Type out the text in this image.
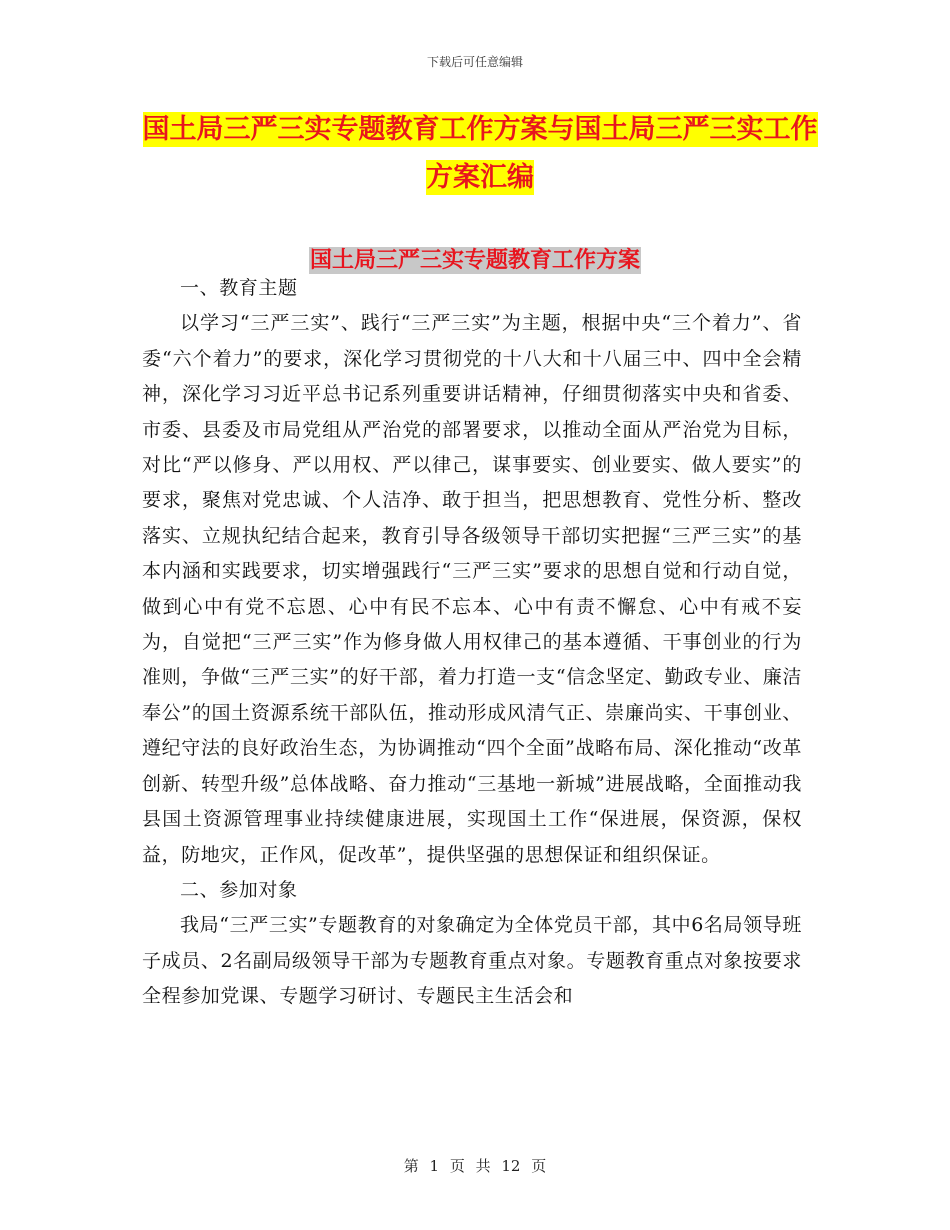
下载后可任意编辑
国土局三严三实专题教育工作方案与国土局三严三实工作方案汇编
国土局三严三实专题教育工作方案

一、教育主题

以学习“三严三实”、践行“三严三实”为主题，根据中央“三个着力”、省委“六个着力”的要求，深化学习贯彻党的十八大和十八届三中、四中全会精神，深化学习习近平总书记系列重要讲话精神，仔细贯彻落实中央和省委、市委、县委及市局党组从严治党的部署要求，以推动全面从严治党为目标，对比“严以修身、严以用权、严以律己，谋事要实、创业要实、做人要实”的要求，聚焦对党忠诚、个人洁净、敢于担当，把思想教育、党性分析、整改落实、立规执纪结合起来，教育引导各级领导干部切实把握“三严三实”的基本内涵和实践要求，切实增强践行“三严三实”要求的思想自觉和行动自觉，做到心中有党不忘恩、心中有民不忘本、心中有责不懈怠、心中有戒不妄为，自觉把“三严三实”作为修身做人用权律己的基本遵循、干事创业的行为准则，争做“三严三实”的好干部，着力打造一支“信念坚定、勤政专业、廉洁奉公”的国土资源系统干部队伍，推动形成风清气正、崇廉尚实、干事创业、遵纪守法的良好政治生态，为协调推动“四个全面”战略布局、深化推动“改革创新、转型升级”总体战略、奋力推动“三基地一新城”进展战略，全面推动我县国土资源管理事业持续健康进展，实现国土工作“保进展，保资源，保权益，防地灾，正作风，促改革”，提供坚强的思想保证和组织保证。

二、参加对象

我局“三严三实”专题教育的对象确定为全体党员干部，其中6名局领导班子成员、2名副局级领导干部为专题教育重点对象。专题教育重点对象按要求全程参加党课、专题学习研讨、专题民主生活会和

第 1 页 共 12 页
